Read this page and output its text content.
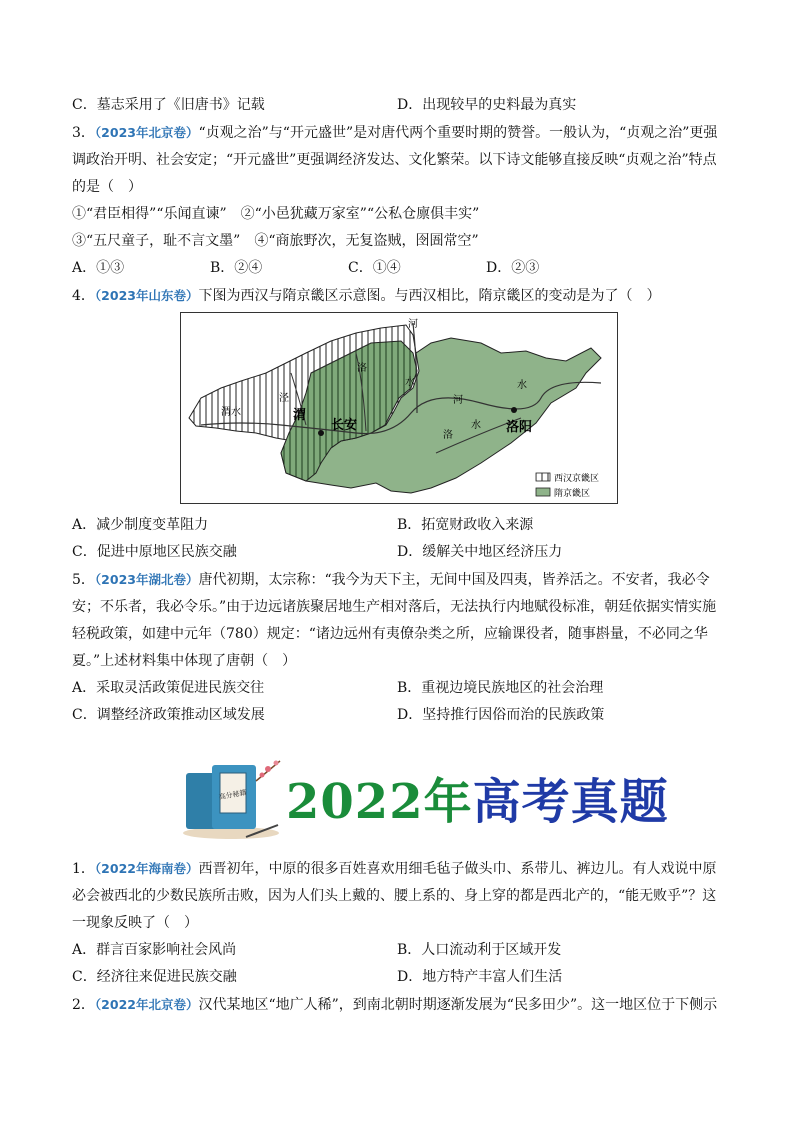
C．墓志采用了《旧唐书》记载	D．出现较早的史料最为真实
3．（2023年北京卷）“贞观之治”与“开元盛世”是对唐代两个重要时期的赞誉。一般认为，“贞观之治”更强调政治开明、社会安定；“开元盛世”更强调经济发达、文化繁荣。以下诗文能够直接反映“贞观之治”特点的是（　）
①“君臣相得”“乐闻直谏”　②“小邑犹藏万家室”“公私仓廪俱丰实”
③“五尺童子，耻不言文墨”　④“商旅野次，无复盗贼，囹圄常空”
A．①③	B．②④	C．①④	D．②③
4．（2023年山东卷）下图为西汉与隋京畿区示意图。与西汉相比，隋京畿区的变动是为了（　）
河
泾
洛
水
渭水	渭
长安
河
水
洛
水 洛阳
西汉京畿区
隋京畿区
A．减少制度变革阻力	B．拓宽财政收入来源
C．促进中原地区民族交融	D．缓解关中地区经济压力
5．（2023年湖北卷）唐代初期，太宗称：“我今为天下主，无间中国及四夷，皆养活之。不安者，我必令安；不乐者，我必令乐。”由于边远诸族聚居地生产相对落后，无法执行内地赋役标准，朝廷依据实情实施轻税政策，如建中元年（780）规定：“诸边远州有夷僚杂类之所，应输课役者，随事斟量，不必同之华夏。”上述材料集中体现了唐朝（　）
A．采取灵活政策促进民族交往	B．重视边境民族地区的社会治理
C．调整经济政策推动区域发展	D．坚持推行因俗而治的民族政策
高分秘籍 2022年高考真题
1．（2022年海南卷）西晋初年，中原的很多百姓喜欢用细毛毡子做头巾、系带儿、裤边儿。有人戏说中原必会被西北的少数民族所击败，因为人们头上戴的、腰上系的、身上穿的都是西北产的，“能无败乎”？这一现象反映了（　）
A．群言百家影响社会风尚	B．人口流动利于区域开发
C．经济往来促进民族交融	D．地方特产丰富人们生活
2．（2022年北京卷）汉代某地区“地广人稀”，到南北朝时期逐渐发展为“民多田少”。这一地区位于下侧示
